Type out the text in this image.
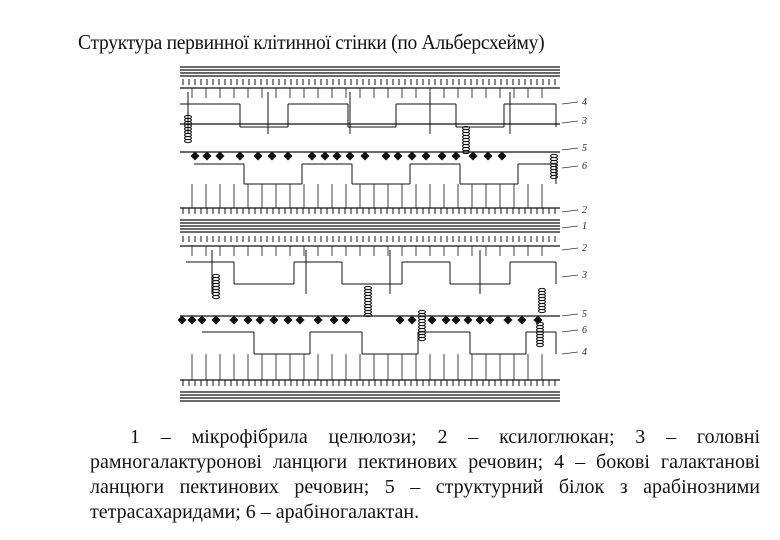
Структура первинної клітинної стінки (по Альберсхейму)
4
3
5
6
2
1
2
3
5
6
4
1 – мікрофібрила целюлози; 2 – ксилоглюкан; 3 – головні
рамногалактуронові ланцюги пектинових речовин; 4 – бокові галактанові
ланцюги пектинових речовин; 5 – структурний білок з арабінозними
тетрасахаридами; 6 – арабіногалактан.
